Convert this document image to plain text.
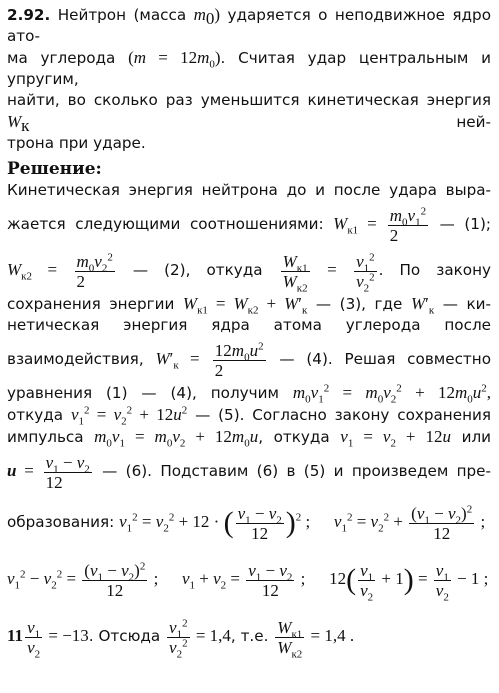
2.92. Нейтрон (масса $m_0$) ударяется о неподвижное ядро ато-
ма углерода $(m = 12m_0)$. Считая удар центральным и упругим,
найти, во сколько раз уменьшится кинетическая энергия $W_к$	ней-
трона при ударе.
Решение:
Кинетическая энергия нейтрона до и после удара выра-
жается следующими соотношениями: $W_{к1} = \frac{m_0v_1^2}{2}$ — (1);
$W_{к2} = \frac{m_0v_2^2}{2}$ — (2), откуда $\frac{W_{к1}}{W_{к2}} = \frac{v_1^2}{v_2^2}$ . По закону
сохранения энергии $W_{к1} = W_{к2} + W'_к$ — (3), где $W'_к$ — ки-
нетическая энергия ядра атома углерода после
взаимодействия, $W'_к = \frac{12m_0u^2}{2}$ — (4). Решая совместно
уравнения (1) — (4), получим $m_0v_1^2 = m_0v_2^2 + 12m_0u^2$,
откуда $v_1^2 = v_2^2 + 12u^2$ — (5). Согласно закону сохранения
импульса $m_0v_1 = m_0v_2 + 12m_0u$, откуда $v_1 = v_2 + 12u$ или
$u = \frac{v_1 - v_2}{12}$ — (6). Подставим (6) в (5) и произведем пре-
образования: $v_1^2 = v_2^2 + 12$ · ( $\frac{v_1 - v_2}{12} )^2$ ; $v_1^2 = v_2^2 + \frac{(v_1 - v_2)^2}{12}$ ;
$v_1^2 - v_2^2 = \frac{(v_1 - v_2)^2}{12}$ ; $v_1 + v_2 = \frac{v_1 - v_2}{12}$ ; $12( \frac{v_1}{v_2} + 1) = \frac{v_1}{v_2} - 1$ ;
$11 \frac{v_1}{v_2} = -13$. Отсюда $\frac{v_1^2}{v_2^2} = 1,4$, т.е. $\frac{W_{к1}}{W_{к2}} = 1,4$ .
